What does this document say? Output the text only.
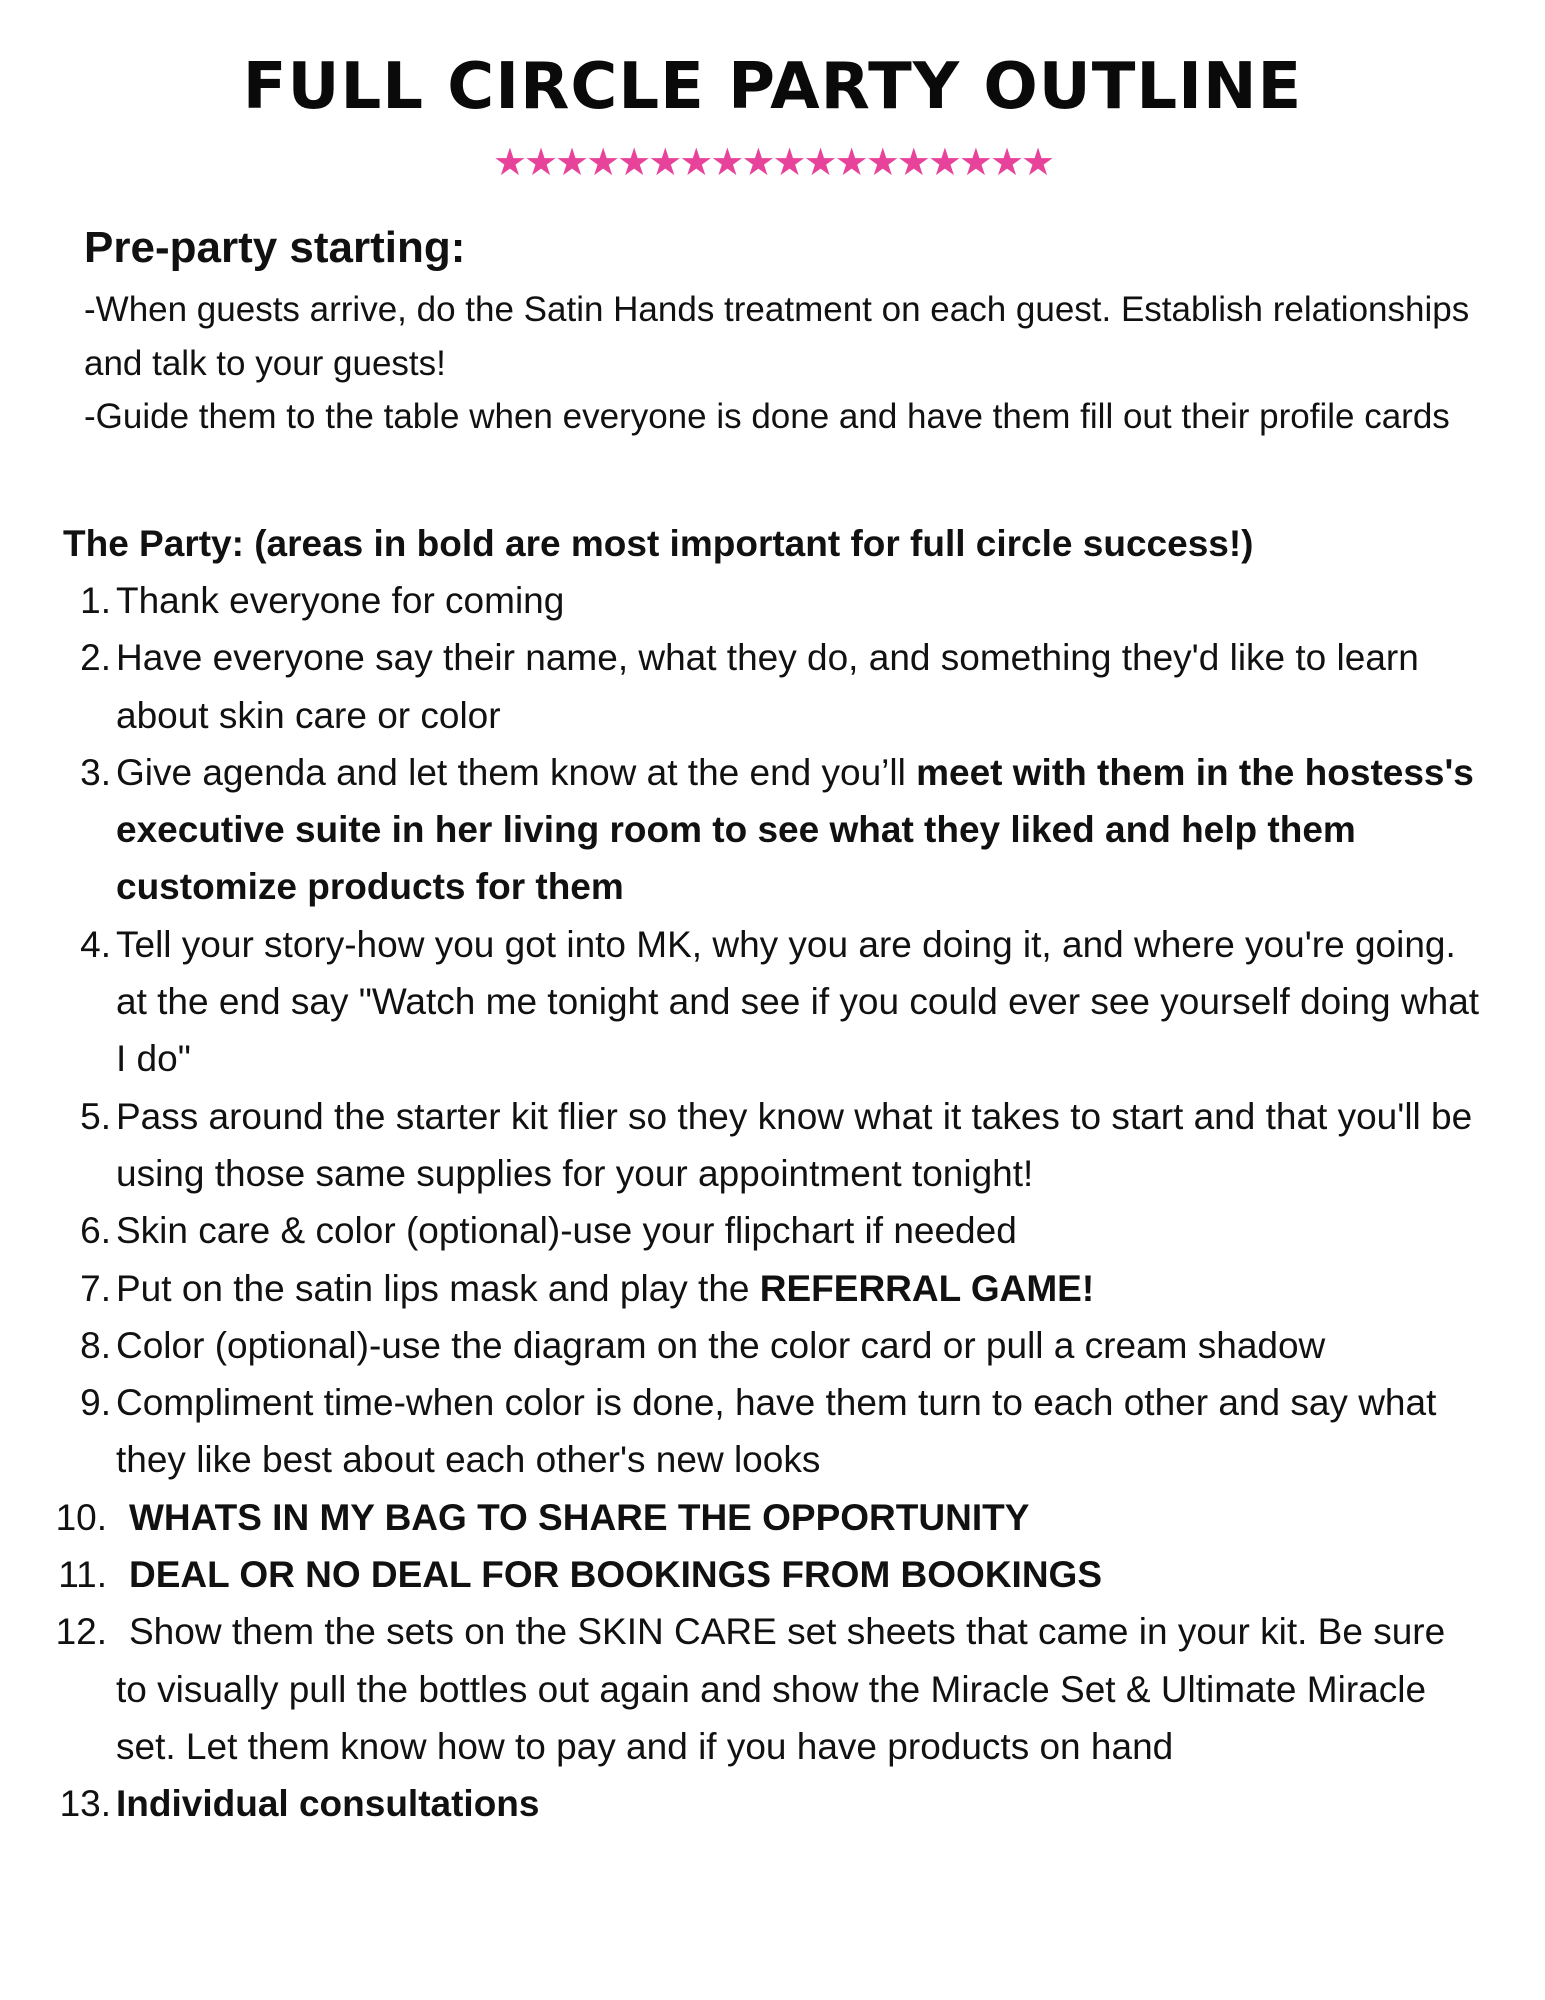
FULL CIRCLE PARTY OUTLINE
★★★★★★★★★★★★★★★★★★
Pre-party starting:

-When guests arrive, do the Satin Hands treatment on each guest. Establish relationships and talk to your guests!

-Guide them to the table when everyone is done and have them fill out their profile cards

The Party: (areas in bold are most important for full circle success!)
1. Thank everyone for coming
2. Have everyone say their name, what they do, and something they'd like to learn about skin care or color
3. Give agenda and let them know at the end you’ll meet with them in the hostess's executive suite in her living room to see what they liked and help them customize products for them
4. Tell your story-how you got into MK, why you are doing it, and where you're going. at the end say "Watch me tonight and see if you could ever see yourself doing what I do"
5. Pass around the starter kit flier so they know what it takes to start and that you'll be using those same supplies for your appointment tonight!
6. Skin care & color (optional)-use your flipchart if needed
7. Put on the satin lips mask and play the REFERRAL GAME!
8. Color (optional)-use the diagram on the color card or pull a cream shadow
9. Compliment time-when color is done, have them turn to each other and say what they like best about each other's new looks
10. WHATS IN MY BAG TO SHARE THE OPPORTUNITY
11. DEAL OR NO DEAL FOR BOOKINGS FROM BOOKINGS
12. Show them the sets on the SKIN CARE set sheets that came in your kit. Be sure to visually pull the bottles out again and show the Miracle Set & Ultimate Miracle set. Let them know how to pay and if you have products on hand
13. Individual consultations
